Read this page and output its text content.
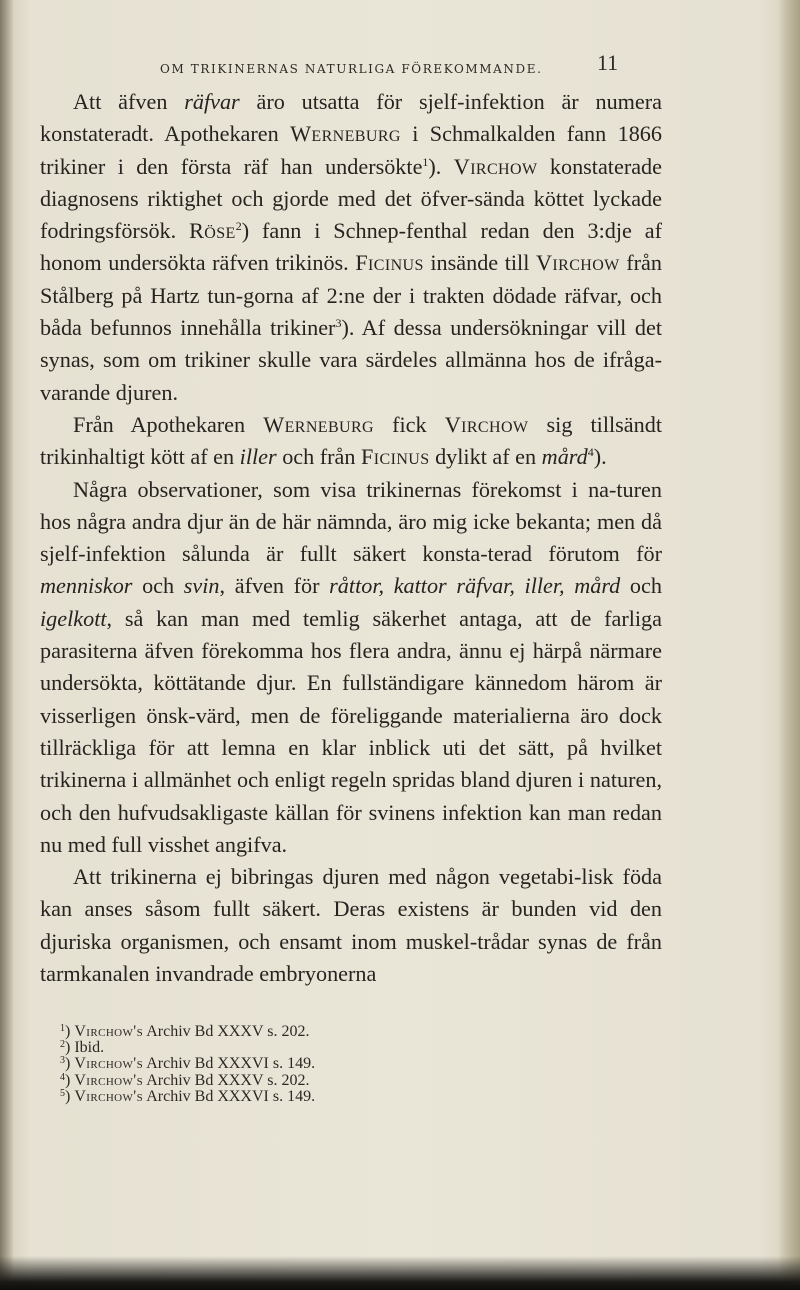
OM TRIKINERNAS NATURLIGA FÖREKOMMANDE. 11

Att äfven räfvar äro utsatta för sjelf-infektion är numera konstateradt. Apothekaren Werneburg i Schmalkalden fann 1866 trikiner i den första räf han undersökte$^1$). Virchow konstaterade diagnosens riktighet och gjorde med det öfver-sända köttet lyckade fodringsförsök. Röse$^2$) fann i Schnep-fenthal redan den 3:dje af honom undersökta räfven trikinös. Ficinus insände till Virchow från Stålberg på Hartz tun-gorna af 2:ne der i trakten dödade räfvar, och båda befunnos innehålla trikiner$^3$). Af dessa undersökningar vill det synas, som om trikiner skulle vara särdeles allmänna hos de ifråga-varande djuren.

Från Apothekaren Werneburg fick Virchow sig tillsändt trikinhaltigt kött af en iller och från Ficinus dylikt af en mård$^4$).

Några observationer, som visa trikinernas förekomst i na-turen hos några andra djur än de här nämnda, äro mig icke bekanta; men då sjelf-infektion sålunda är fullt säkert konsta-terad förutom för menniskor och svin, äfven för råttor, kattor räfvar, iller, mård och igelkott, så kan man med temlig säkerhet antaga, att de farliga parasiterna äfven förekomma hos flera andra, ännu ej härpå närmare undersökta, köttätande djur. En fullständigare kännedom härom är visserligen önsk-värd, men de föreliggande materialierna äro dock tillräckliga för att lemna en klar inblick uti det sätt, på hvilket trikinerna i allmänhet och enligt regeln spridas bland djuren i naturen, och den hufvudsakligaste källan för svinens infektion kan man redan nu med full visshet angifva.

Att trikinerna ej bibringas djuren med någon vegetabi-lisk föda kan anses såsom fullt säkert. Deras existens är bunden vid den djuriska organismen, och ensamt inom muskel-trådar synas de från tarmkanalen invandrade embryonerna

$^1$) Virchow's Archiv Bd XXXV s. 202.

$^2$) Ibid.

$^3$) Virchow's Archiv Bd XXXVI s. 149.

$^4$) Virchow's Archiv Bd XXXV s. 202.

$^5$) Virchow's Archiv Bd XXXVI s. 149.
